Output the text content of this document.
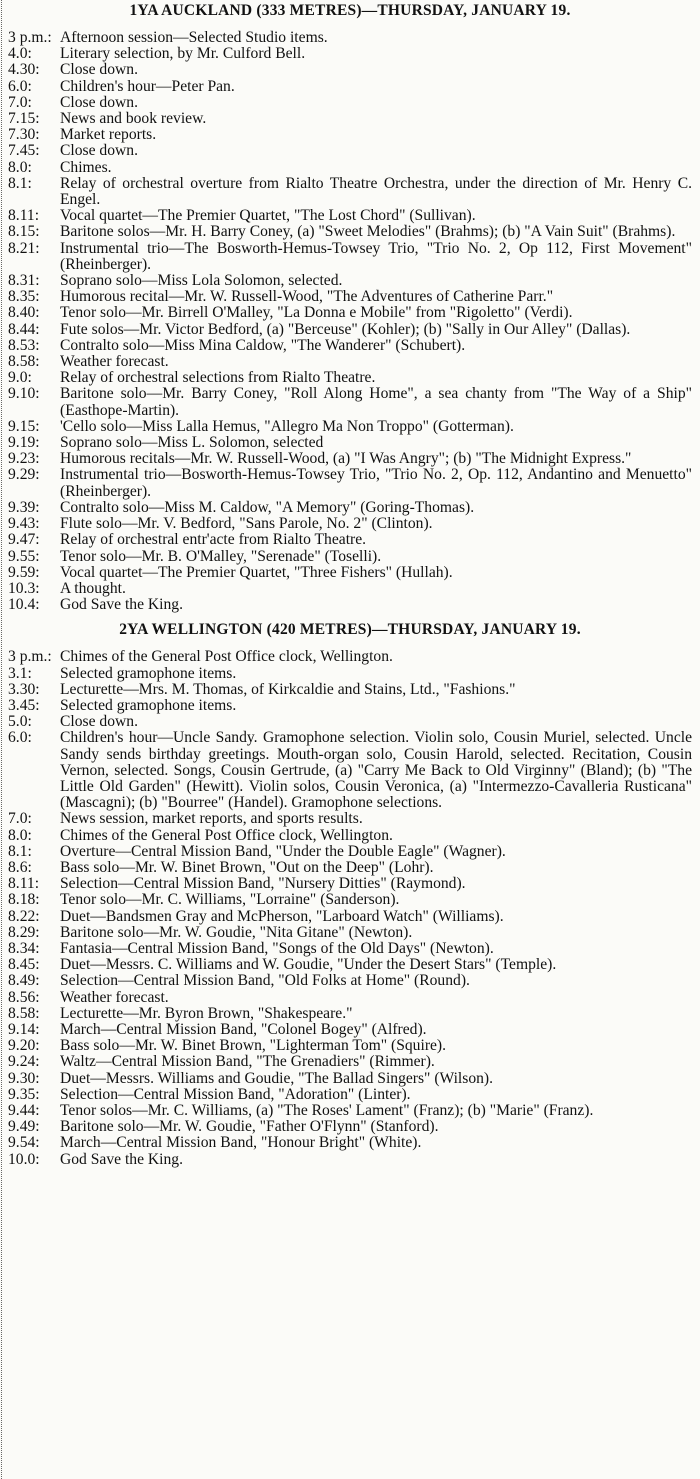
1YA AUCKLAND (333 METRES)—THURSDAY, JANUARY 19.
3 p.m.: Afternoon session—Selected Studio items.
4.0: Literary selection, by Mr. Culford Bell.
4.30: Close down.
6.0: Children's hour—Peter Pan.
7.0: Close down.
7.15: News and book review.
7.30: Market reports.
7.45: Close down.
8.0: Chimes.
8.1: Relay of orchestral overture from Rialto Theatre Orchestra, under the direction of Mr. Henry C. Engel.
8.11: Vocal quartet—The Premier Quartet, "The Lost Chord" (Sullivan).
8.15: Baritone solos—Mr. H. Barry Coney, (a) "Sweet Melodies" (Brahms); (b) "A Vain Suit" (Brahms).
8.21: Instrumental trio—The Bosworth-Hemus-Towsey Trio, "Trio No. 2, Op 112, First Movement" (Rheinberger).
8.31: Soprano solo—Miss Lola Solomon, selected.
8.35: Humorous recital—Mr. W. Russell-Wood, "The Adventures of Catherine Parr."
8.40: Tenor solo—Mr. Birrell O'Malley, "La Donna e Mobile" from "Rigoletto" (Verdi).
8.44: Fute solos—Mr. Victor Bedford, (a) "Berceuse" (Kohler); (b) "Sally in Our Alley" (Dallas).
8.53: Contralto solo—Miss Mina Caldow, "The Wanderer" (Schubert).
8.58: Weather forecast.
9.0: Relay of orchestral selections from Rialto Theatre.
9.10: Baritone solo—Mr. Barry Coney, "Roll Along Home", a sea chanty from "The Way of a Ship" (Easthope-Martin).
9.15: 'Cello solo—Miss Lalla Hemus, "Allegro Ma Non Troppo" (Gotterman).
9.19: Soprano solo—Miss L. Solomon, selected
9.23: Humorous recitals—Mr. W. Russell-Wood, (a) "I Was Angry"; (b) "The Midnight Express."
9.29: Instrumental trio—Bosworth-Hemus-Towsey Trio, "Trio No. 2, Op. 112, Andantino and Menuetto" (Rheinberger).
9.39: Contralto solo—Miss M. Caldow, "A Memory" (Goring-Thomas).
9.43: Flute solo—Mr. V. Bedford, "Sans Parole, No. 2" (Clinton).
9.47: Relay of orchestral entr'acte from Rialto Theatre.
9.55: Tenor solo—Mr. B. O'Malley, "Serenade" (Toselli).
9.59: Vocal quartet—The Premier Quartet, "Three Fishers" (Hullah).
10.3: A thought.
10.4: God Save the King.
2YA WELLINGTON (420 METRES)—THURSDAY, JANUARY 19.
3 p.m.: Chimes of the General Post Office clock, Wellington.
3.1: Selected gramophone items.
3.30: Lecturette—Mrs. M. Thomas, of Kirkcaldie and Stains, Ltd., "Fashions."
3.45: Selected gramophone items.
5.0: Close down.
6.0: Children's hour—Uncle Sandy. Gramophone selection. Violin solo, Cousin Muriel, selected. Uncle Sandy sends birthday greetings. Mouth-organ solo, Cousin Harold, selected. Recitation, Cousin Vernon, selected. Songs, Cousin Gertrude, (a) "Carry Me Back to Old Virginny" (Bland); (b) "The Little Old Garden" (Hewitt). Violin solos, Cousin Veronica, (a) "Intermezzo-Cavalleria Rusticana" (Mascagni); (b) "Bourree" (Handel). Gramophone selections.
7.0: News session, market reports, and sports results.
8.0: Chimes of the General Post Office clock, Wellington.
8.1: Overture—Central Mission Band, "Under the Double Eagle" (Wagner).
8.6: Bass solo—Mr. W. Binet Brown, "Out on the Deep" (Lohr).
8.11: Selection—Central Mission Band, "Nursery Ditties" (Raymond).
8.18: Tenor solo—Mr. C. Williams, "Lorraine" (Sanderson).
8.22: Duet—Bandsmen Gray and McPherson, "Larboard Watch" (Williams).
8.29: Baritone solo—Mr. W. Goudie, "Nita Gitane" (Newton).
8.34: Fantasia—Central Mission Band, "Songs of the Old Days" (Newton).
8.45: Duet—Messrs. C. Williams and W. Goudie, "Under the Desert Stars" (Temple).
8.49: Selection—Central Mission Band, "Old Folks at Home" (Round).
8.56: Weather forecast.
8.58: Lecturette—Mr. Byron Brown, "Shakespeare."
9.14: March—Central Mission Band, "Colonel Bogey" (Alfred).
9.20: Bass solo—Mr. W. Binet Brown, "Lighterman Tom" (Squire).
9.24: Waltz—Central Mission Band, "The Grenadiers" (Rimmer).
9.30: Duet—Messrs. Williams and Goudie, "The Ballad Singers" (Wilson).
9.35: Selection—Central Mission Band, "Adoration" (Linter).
9.44: Tenor solos—Mr. C. Williams, (a) "The Roses' Lament" (Franz); (b) "Marie" (Franz).
9.49: Baritone solo—Mr. W. Goudie, "Father O'Flynn" (Stanford).
9.54: March—Central Mission Band, "Honour Bright" (White).
10.0: God Save the King.
